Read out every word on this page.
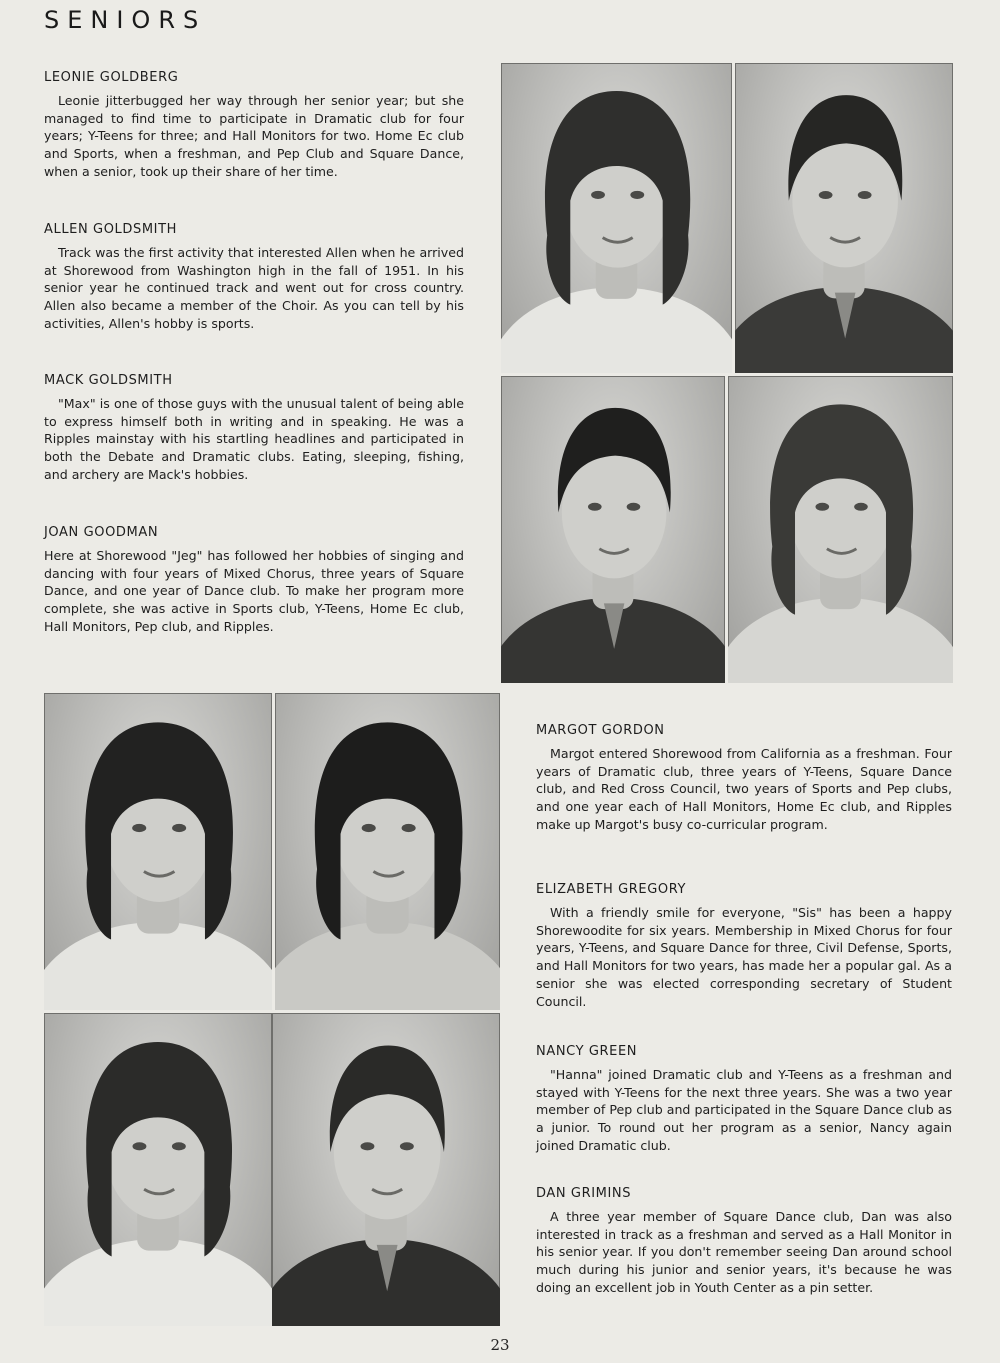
SENIORS
LEONIE GOLDBERG
Leonie jitterbugged her way through her senior year; but she managed to find time to participate in Dramatic club for four years; Y-Teens for three; and Hall Monitors for two. Home Ec club and Sports, when a freshman, and Pep Club and Square Dance, when a senior, took up their share of her time.
ALLEN GOLDSMITH
Track was the first activity that interested Allen when he arrived at Shorewood from Washington high in the fall of 1951. In his senior year he continued track and went out for cross country. Allen also became a member of the Choir. As you can tell by his activities, Allen's hobby is sports.
MACK GOLDSMITH
"Max" is one of those guys with the unusual talent of being able to express himself both in writing and in speaking. He was a Ripples mainstay with his startling headlines and participated in both the Debate and Dramatic clubs. Eating, sleeping, fishing, and archery are Mack's hobbies.
JOAN GOODMAN
Here at Shorewood "Jeg" has followed her hobbies of singing and dancing with four years of Mixed Chorus, three years of Square Dance, and one year of Dance club. To make her program more complete, she was active in Sports club, Y-Teens, Home Ec club, Hall Monitors, Pep club, and Ripples.
MARGOT GORDON
Margot entered Shorewood from California as a freshman. Four years of Dramatic club, three years of Y-Teens, Square Dance club, and Red Cross Council, two years of Sports and Pep clubs, and one year each of Hall Monitors, Home Ec club, and Ripples make up Margot's busy co-curricular program.
ELIZABETH GREGORY
With a friendly smile for everyone, "Sis" has been a happy Shorewoodite for six years. Membership in Mixed Chorus for four years, Y-Teens, and Square Dance for three, Civil Defense, Sports, and Hall Monitors for two years, has made her a popular gal. As a senior she was elected corresponding secretary of Student Council.
NANCY GREEN
"Hanna" joined Dramatic club and Y-Teens as a freshman and stayed with Y-Teens for the next three years. She was a two year member of Pep club and participated in the Square Dance club as a junior. To round out her program as a senior, Nancy again joined Dramatic club.
DAN GRIMINS
A three year member of Square Dance club, Dan was also interested in track as a freshman and served as a Hall Monitor in his senior year. If you don't remember seeing Dan around school much during his junior and senior years, it's because he was doing an excellent job in Youth Center as a pin setter.
23
